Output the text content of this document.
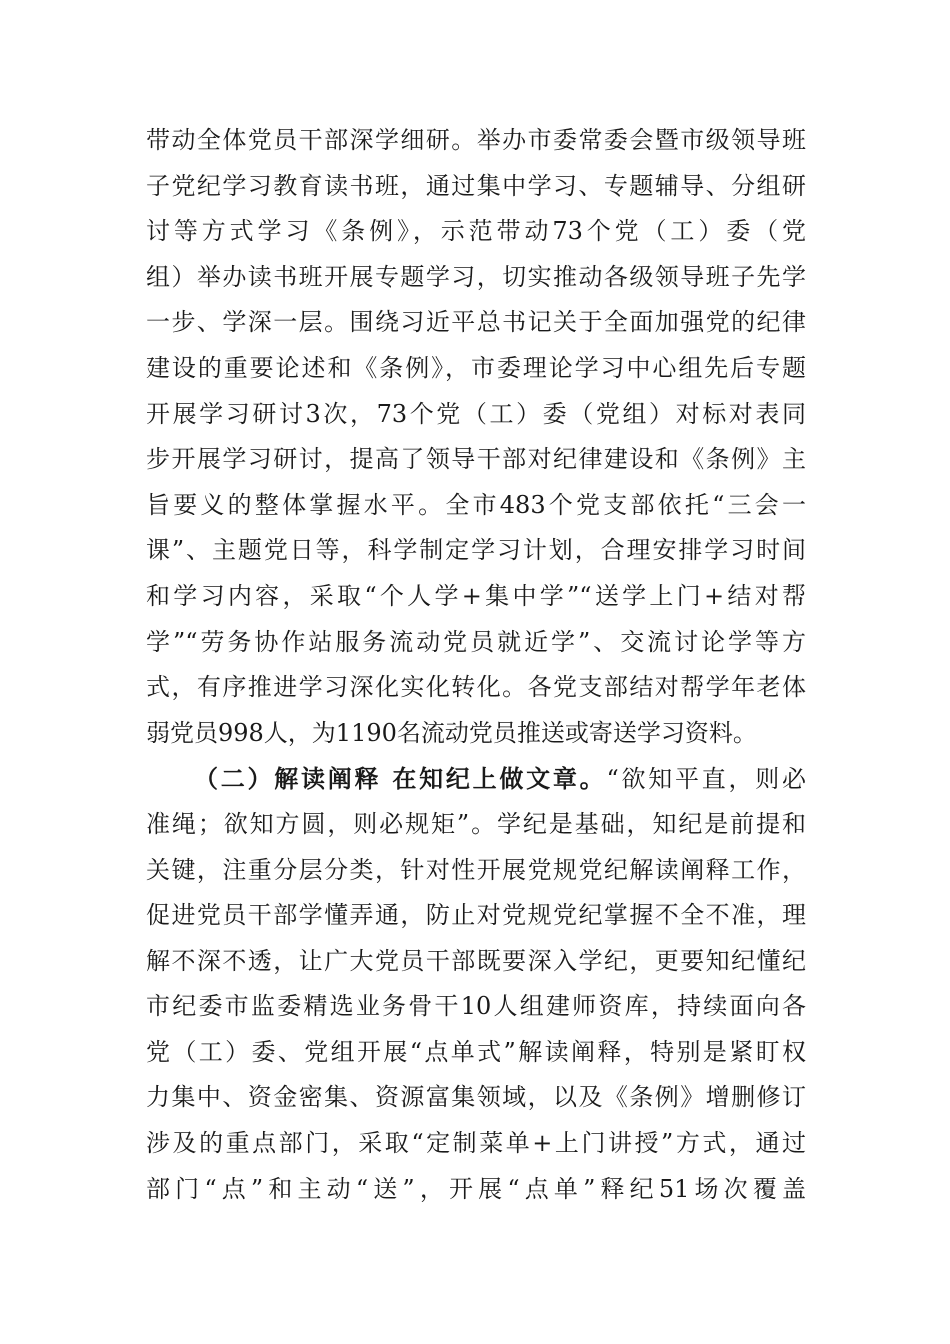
带动全体党员干部深学细研。举办市委常委会暨市级领导班
子党纪学习教育读书班，通过集中学习、专题辅导、分组研
讨等方式学习《条例》，示范带动73个党（工）委（党
组）举办读书班开展专题学习，切实推动各级领导班子先学
一步、学深一层。围绕习近平总书记关于全面加强党的纪律
建设的重要论述和《条例》，市委理论学习中心组先后专题
开展学习研讨3次，73个党（工）委（党组）对标对表同
步开展学习研讨，提高了领导干部对纪律建设和《条例》主
旨要义的整体掌握水平。全市483个党支部依托“三会一
课”、主题党日等，科学制定学习计划，合理安排学习时间
和学习内容，采取“个人学+集中学”“送学上门+结对帮
学”“劳务协作站服务流动党员就近学”、交流讨论学等方
式，有序推进学习深化实化转化。各党支部结对帮学年老体
弱党员998人，为1190名流动党员推送或寄送学习资料。
（二）解读阐释 在知纪上做文章。“欲知平直，则必
准绳；欲知方圆，则必规矩”。学纪是基础，知纪是前提和
关键，注重分层分类，针对性开展党规党纪解读阐释工作，
促进党员干部学懂弄通，防止对党规党纪掌握不全不准，理
解不深不透，让广大党员干部既要深入学纪，更要知纪懂纪
市纪委市监委精选业务骨干10人组建师资库，持续面向各
党（工）委、党组开展“点单式”解读阐释，特别是紧盯权
力集中、资金密集、资源富集领域，以及《条例》增删修订
涉及的重点部门，采取“定制菜单+上门讲授”方式，通过
部门“点”和主动“送”，开展“点单”释纪51场次覆盖
